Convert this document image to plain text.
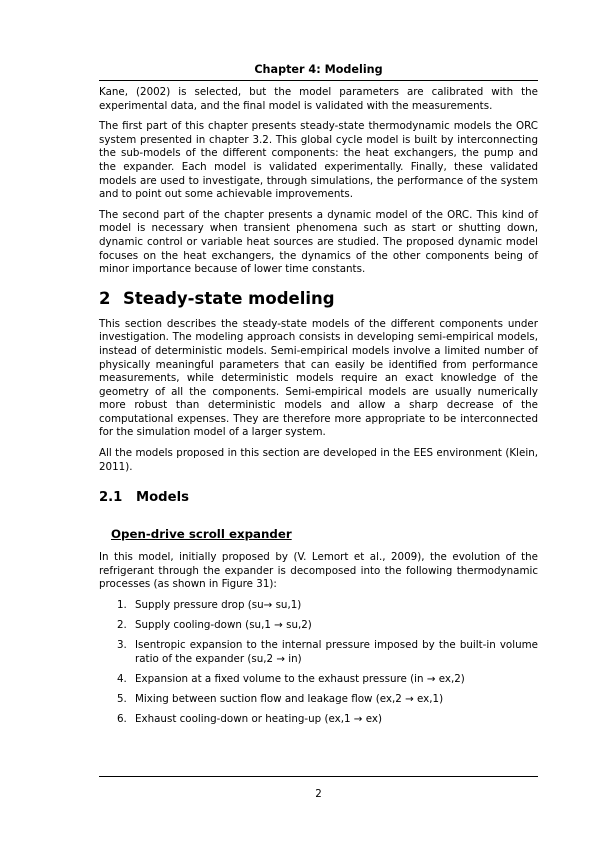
Chapter 4: Modeling

Kane, (2002) is selected, but the model parameters are calibrated with the experimental data, and the final model is validated with the measurements.

The first part of this chapter presents steady-state thermodynamic models the ORC system presented in chapter 3.2. This global cycle model is built by interconnecting the sub-models of the different components: the heat exchangers, the pump and the expander. Each model is validated experimentally. Finally, these validated models are used to investigate, through simulations, the performance of the system and to point out some achievable improvements.

The second part of the chapter presents a dynamic model of the ORC. This kind of model is necessary when transient phenomena such as start or shutting down, dynamic control or variable heat sources are studied. The proposed dynamic model focuses on the heat exchangers, the dynamics of the other components being of minor importance because of lower time constants.

2 Steady-state modeling

This section describes the steady-state models of the different components under investigation. The modeling approach consists in developing semi-empirical models, instead of deterministic models. Semi-empirical models involve a limited number of physically meaningful parameters that can easily be identified from performance measurements, while deterministic models require an exact knowledge of the geometry of all the components. Semi-empirical models are usually numerically more robust than deterministic models and allow a sharp decrease of the computational expenses. They are therefore more appropriate to be interconnected for the simulation model of a larger system.

All the models proposed in this section are developed in the EES environment (Klein, 2011).

2.1 Models
Open-drive scroll expander

In this model, initially proposed by (V. Lemort et al., 2009), the evolution of the refrigerant through the expander is decomposed into the following thermodynamic processes (as shown in Figure 31):

1. Supply pressure drop (su→ su,1)
2. Supply cooling-down (su,1 → su,2)
3. Isentropic expansion to the internal pressure imposed by the built-in volume ratio of the expander (su,2 → in)
4. Expansion at a fixed volume to the exhaust pressure (in → ex,2)
5. Mixing between suction flow and leakage flow (ex,2 → ex,1)
6. Exhaust cooling-down or heating-up (ex,1 → ex)
2
